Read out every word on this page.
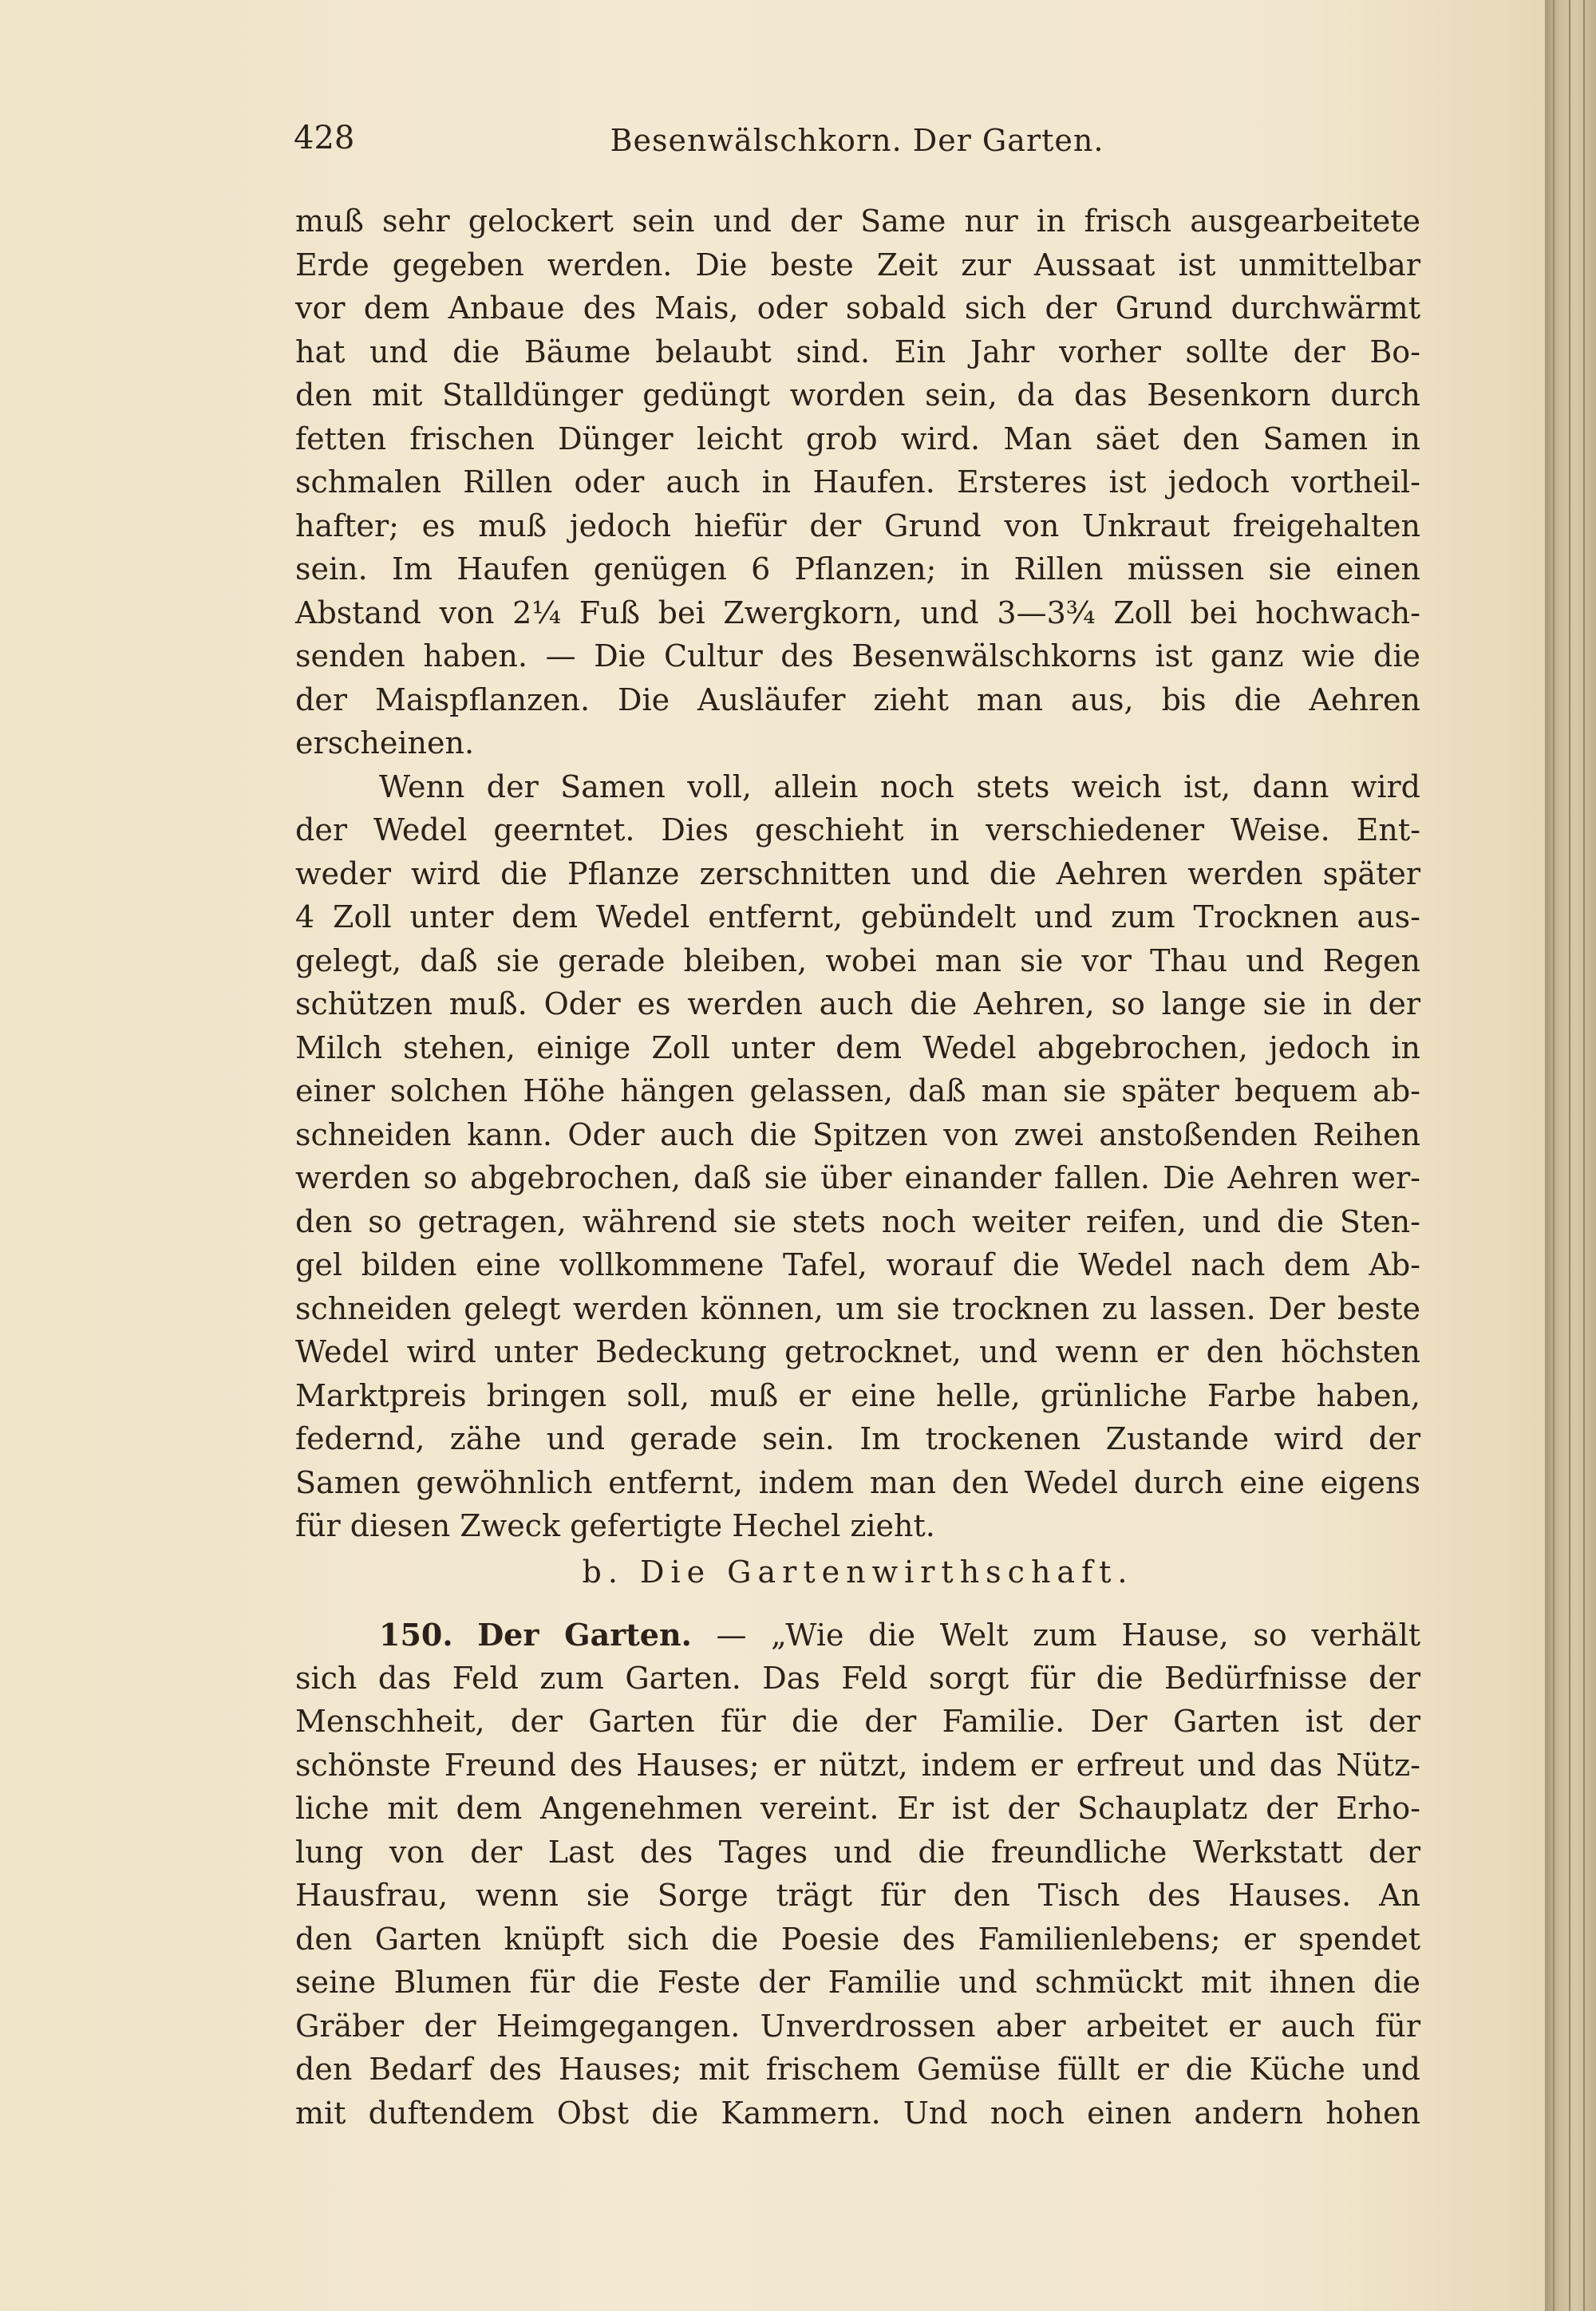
428	Besenwälschkorn. Der Garten.
muß sehr gelockert sein und der Same nur in frisch ausgearbeitete
Erde gegeben werden. Die beste Zeit zur Aussaat ist unmittelbar
vor dem Anbaue des Mais, oder sobald sich der Grund durchwärmt
hat und die Bäume belaubt sind. Ein Jahr vorher sollte der Bo-
den mit Stalldünger gedüngt worden sein, da das Besenkorn durch
fetten frischen Dünger leicht grob wird. Man säet den Samen in
schmalen Rillen oder auch in Haufen. Ersteres ist jedoch vortheil-
hafter; es muß jedoch hiefür der Grund von Unkraut freigehalten
sein. Im Haufen genügen 6 Pflanzen; in Rillen müssen sie einen
Abstand von 2¼ Fuß bei Zwergkorn, und 3—3¾ Zoll bei hochwach-
senden haben. — Die Cultur des Besenwälschkorns ist ganz wie die
der Maispflanzen. Die Ausläufer zieht man aus, bis die Aehren
erscheinen.
Wenn der Samen voll, allein noch stets weich ist, dann wird
der Wedel geerntet. Dies geschieht in verschiedener Weise. Ent-
weder wird die Pflanze zerschnitten und die Aehren werden später
4 Zoll unter dem Wedel entfernt, gebündelt und zum Trocknen aus-
gelegt, daß sie gerade bleiben, wobei man sie vor Thau und Regen
schützen muß. Oder es werden auch die Aehren, so lange sie in der
Milch stehen, einige Zoll unter dem Wedel abgebrochen, jedoch in
einer solchen Höhe hängen gelassen, daß man sie später bequem ab-
schneiden kann. Oder auch die Spitzen von zwei anstoßenden Reihen
werden so abgebrochen, daß sie über einander fallen. Die Aehren wer-
den so getragen, während sie stets noch weiter reifen, und die Sten-
gel bilden eine vollkommene Tafel, worauf die Wedel nach dem Ab-
schneiden gelegt werden können, um sie trocknen zu lassen. Der beste
Wedel wird unter Bedeckung getrocknet, und wenn er den höchsten
Marktpreis bringen soll, muß er eine helle, grünliche Farbe haben,
federnd, zähe und gerade sein. Im trockenen Zustande wird der
Samen gewöhnlich entfernt, indem man den Wedel durch eine eigens
für diesen Zweck gefertigte Hechel zieht.
b. Die Gartenwirthschaft.
150. Der Garten. — „Wie die Welt zum Hause, so verhält
sich das Feld zum Garten. Das Feld sorgt für die Bedürfnisse der
Menschheit, der Garten für die der Familie. Der Garten ist der
schönste Freund des Hauses; er nützt, indem er erfreut und das Nütz-
liche mit dem Angenehmen vereint. Er ist der Schauplatz der Erho-
lung von der Last des Tages und die freundliche Werkstatt der
Hausfrau, wenn sie Sorge trägt für den Tisch des Hauses. An
den Garten knüpft sich die Poesie des Familienlebens; er spendet
seine Blumen für die Feste der Familie und schmückt mit ihnen die
Gräber der Heimgegangen. Unverdrossen aber arbeitet er auch für
den Bedarf des Hauses; mit frischem Gemüse füllt er die Küche und
mit duftendem Obst die Kammern. Und noch einen andern hohen
